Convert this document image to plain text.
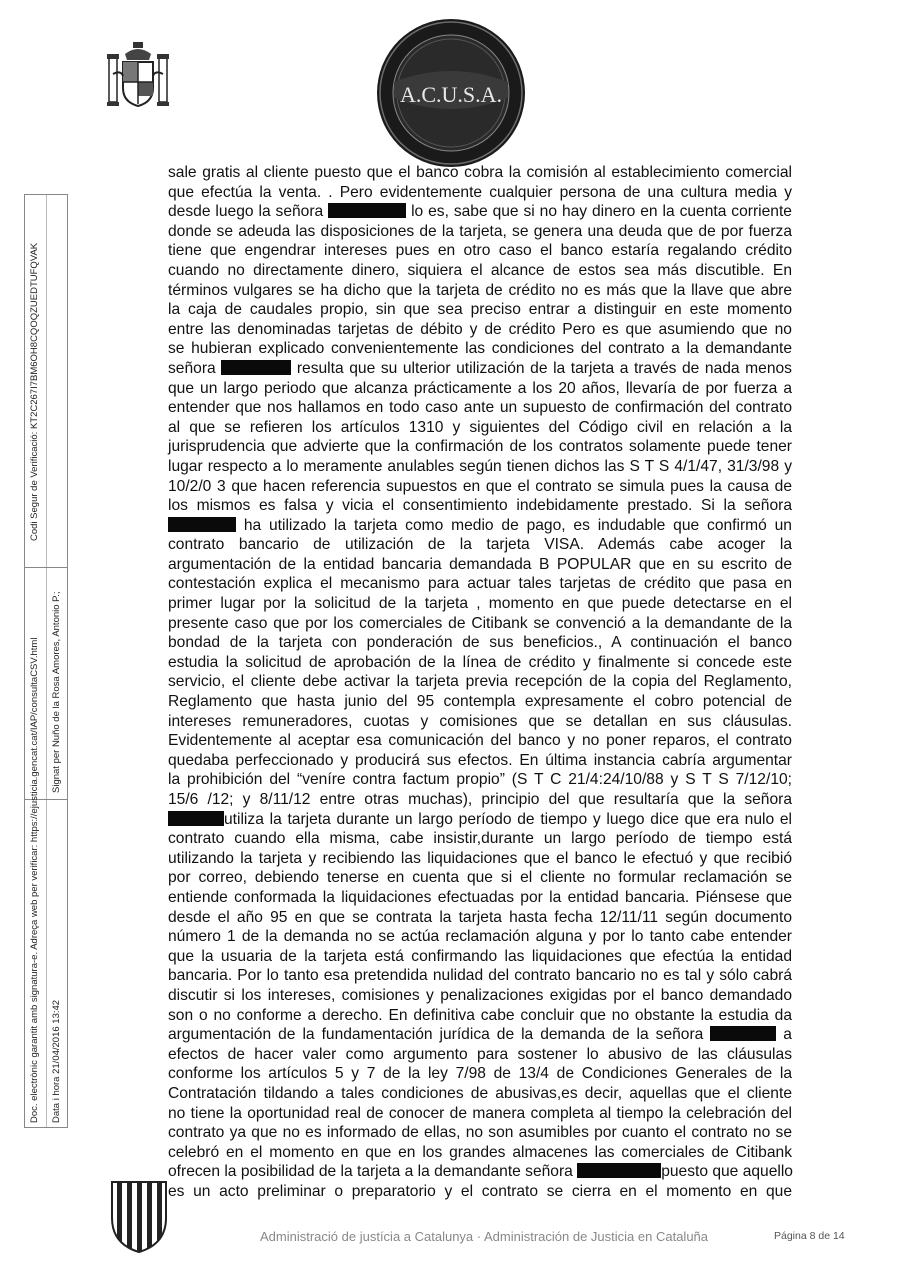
A.C.U.S.A.
Codi Segur de Verificació: KT2C267I7BM6OH8CQOQZUEDTUFQVAK
Doc. electrònic garantit amb signatura-e. Adreça web per verificar: https://ejusticia.gencat.cat/IAP/consultaCSV.html Signat per Nuño de la Rosa Amores, Antonio P.;
Data i hora 21/04/2016 13:42
sale gratis al cliente puesto que el banco cobra la comisión al establecimiento comercial
que efectúa la venta. . Pero evidentemente cualquier persona de una cultura media y
desde luego la señora	lo es, sabe que si no hay dinero en la cuenta corriente
donde se adeuda las disposiciones de la tarjeta, se genera una deuda que de por fuerza
tiene que engendrar intereses pues en otro caso el banco estaría regalando crédito
cuando no directamente dinero, siquiera el alcance de estos sea más discutible. En
términos vulgares se ha dicho que la tarjeta de crédito no es más que la llave que abre
la caja de caudales propio, sin que sea preciso entrar a distinguir en este momento
entre las denominadas tarjetas de débito y de crédito Pero es que asumiendo que no
se hubieran explicado convenientemente las condiciones del contrato a la demandante
señora	resulta que su ulterior utilización de la tarjeta a través de nada menos
que un largo periodo que alcanza prácticamente a los 20 años, llevaría de por fuerza a
entender que nos hallamos en todo caso ante un supuesto de confirmación del contrato
al que se refieren los artículos 1310 y siguientes del Código civil en relación a la
jurisprudencia que advierte que la confirmación de los contratos solamente puede tener
lugar respecto a lo meramente anulables según tienen dichos las S T S 4/1/47, 31/3/98 y
10/2/0 3 que hacen referencia supuestos en que el contrato se simula pues la causa de
los mismos es falsa y vicia el consentimiento indebidamente prestado. Si la señora
ha utilizado la tarjeta como medio de pago, es indudable que confirmó un
contrato bancario de utilización de la tarjeta VISA. Además cabe acoger la
argumentación de la entidad bancaria demandada B POPULAR que en su escrito de
contestación explica el mecanismo para actuar tales tarjetas de crédito que pasa en
primer lugar por la solicitud de la tarjeta , momento en que puede detectarse en el
presente caso que por los comerciales de Citibank se convenció a la demandante de la
bondad de la tarjeta con ponderación de sus beneficios., A continuación el banco
estudia la solicitud de aprobación de la línea de crédito y finalmente si concede este
servicio, el cliente debe activar la tarjeta previa recepción de la copia del Reglamento,
Reglamento que hasta junio del 95 contempla expresamente el cobro potencial de
intereses remuneradores, cuotas y comisiones que se detallan en sus cláusulas.
Evidentemente al aceptar esa comunicación del banco y no poner reparos, el contrato
quedaba perfeccionado y producirá sus efectos. En última instancia cabría argumentar
la prohibición del “veníre contra factum propio” (S T C 21/4:24/10/88 y S T S 7/12/10;
15/6 /12; y 8/11/12 entre otras muchas), principio del que resultaría que la señora
utiliza la tarjeta durante un largo período de tiempo y luego dice que era nulo el
contrato cuando ella misma, cabe insistir,durante un largo período de tiempo está
utilizando la tarjeta y recibiendo las liquidaciones que el banco le efectuó y que recibió
por correo, debiendo tenerse en cuenta que si el cliente no formular reclamación se
entiende conformada la liquidaciones efectuadas por la entidad bancaria. Piénsese que
desde el año 95 en que se contrata la tarjeta hasta fecha 12/11/11 según documento
número 1 de la demanda no se actúa reclamación alguna y por lo tanto cabe entender
que la usuaria de la tarjeta está confirmando las liquidaciones que efectúa la entidad
bancaria. Por lo tanto esa pretendida nulidad del contrato bancario no es tal y sólo cabrá
discutir si los intereses, comisiones y penalizaciones exigidas por el banco demandado
son o no conforme a derecho. En definitiva cabe concluir que no obstante la estudia da
argumentación de la fundamentación jurídica de la demanda de la señora	a
efectos de hacer valer como argumento para sostener lo abusivo de las cláusulas
conforme los artículos 5 y 7 de la ley 7/98 de 13/4 de Condiciones Generales de la
Contratación tildando a tales condiciones de abusivas,es decir, aquellas que el cliente
no tiene la oportunidad real de conocer de manera completa al tiempo la celebración del
contrato ya que no es informado de ellas, no son asumibles por cuanto el contrato no se
celebró en el momento en que en los grandes almacenes las comerciales de Citibank
ofrecen la posibilidad de la tarjeta a la demandante señora	puesto que aquello
es un acto preliminar o preparatorio y el contrato se cierra en el momento en que
Administració de justícia a Catalunya · Administración de Justicia en Cataluña	Página 8 de 14
